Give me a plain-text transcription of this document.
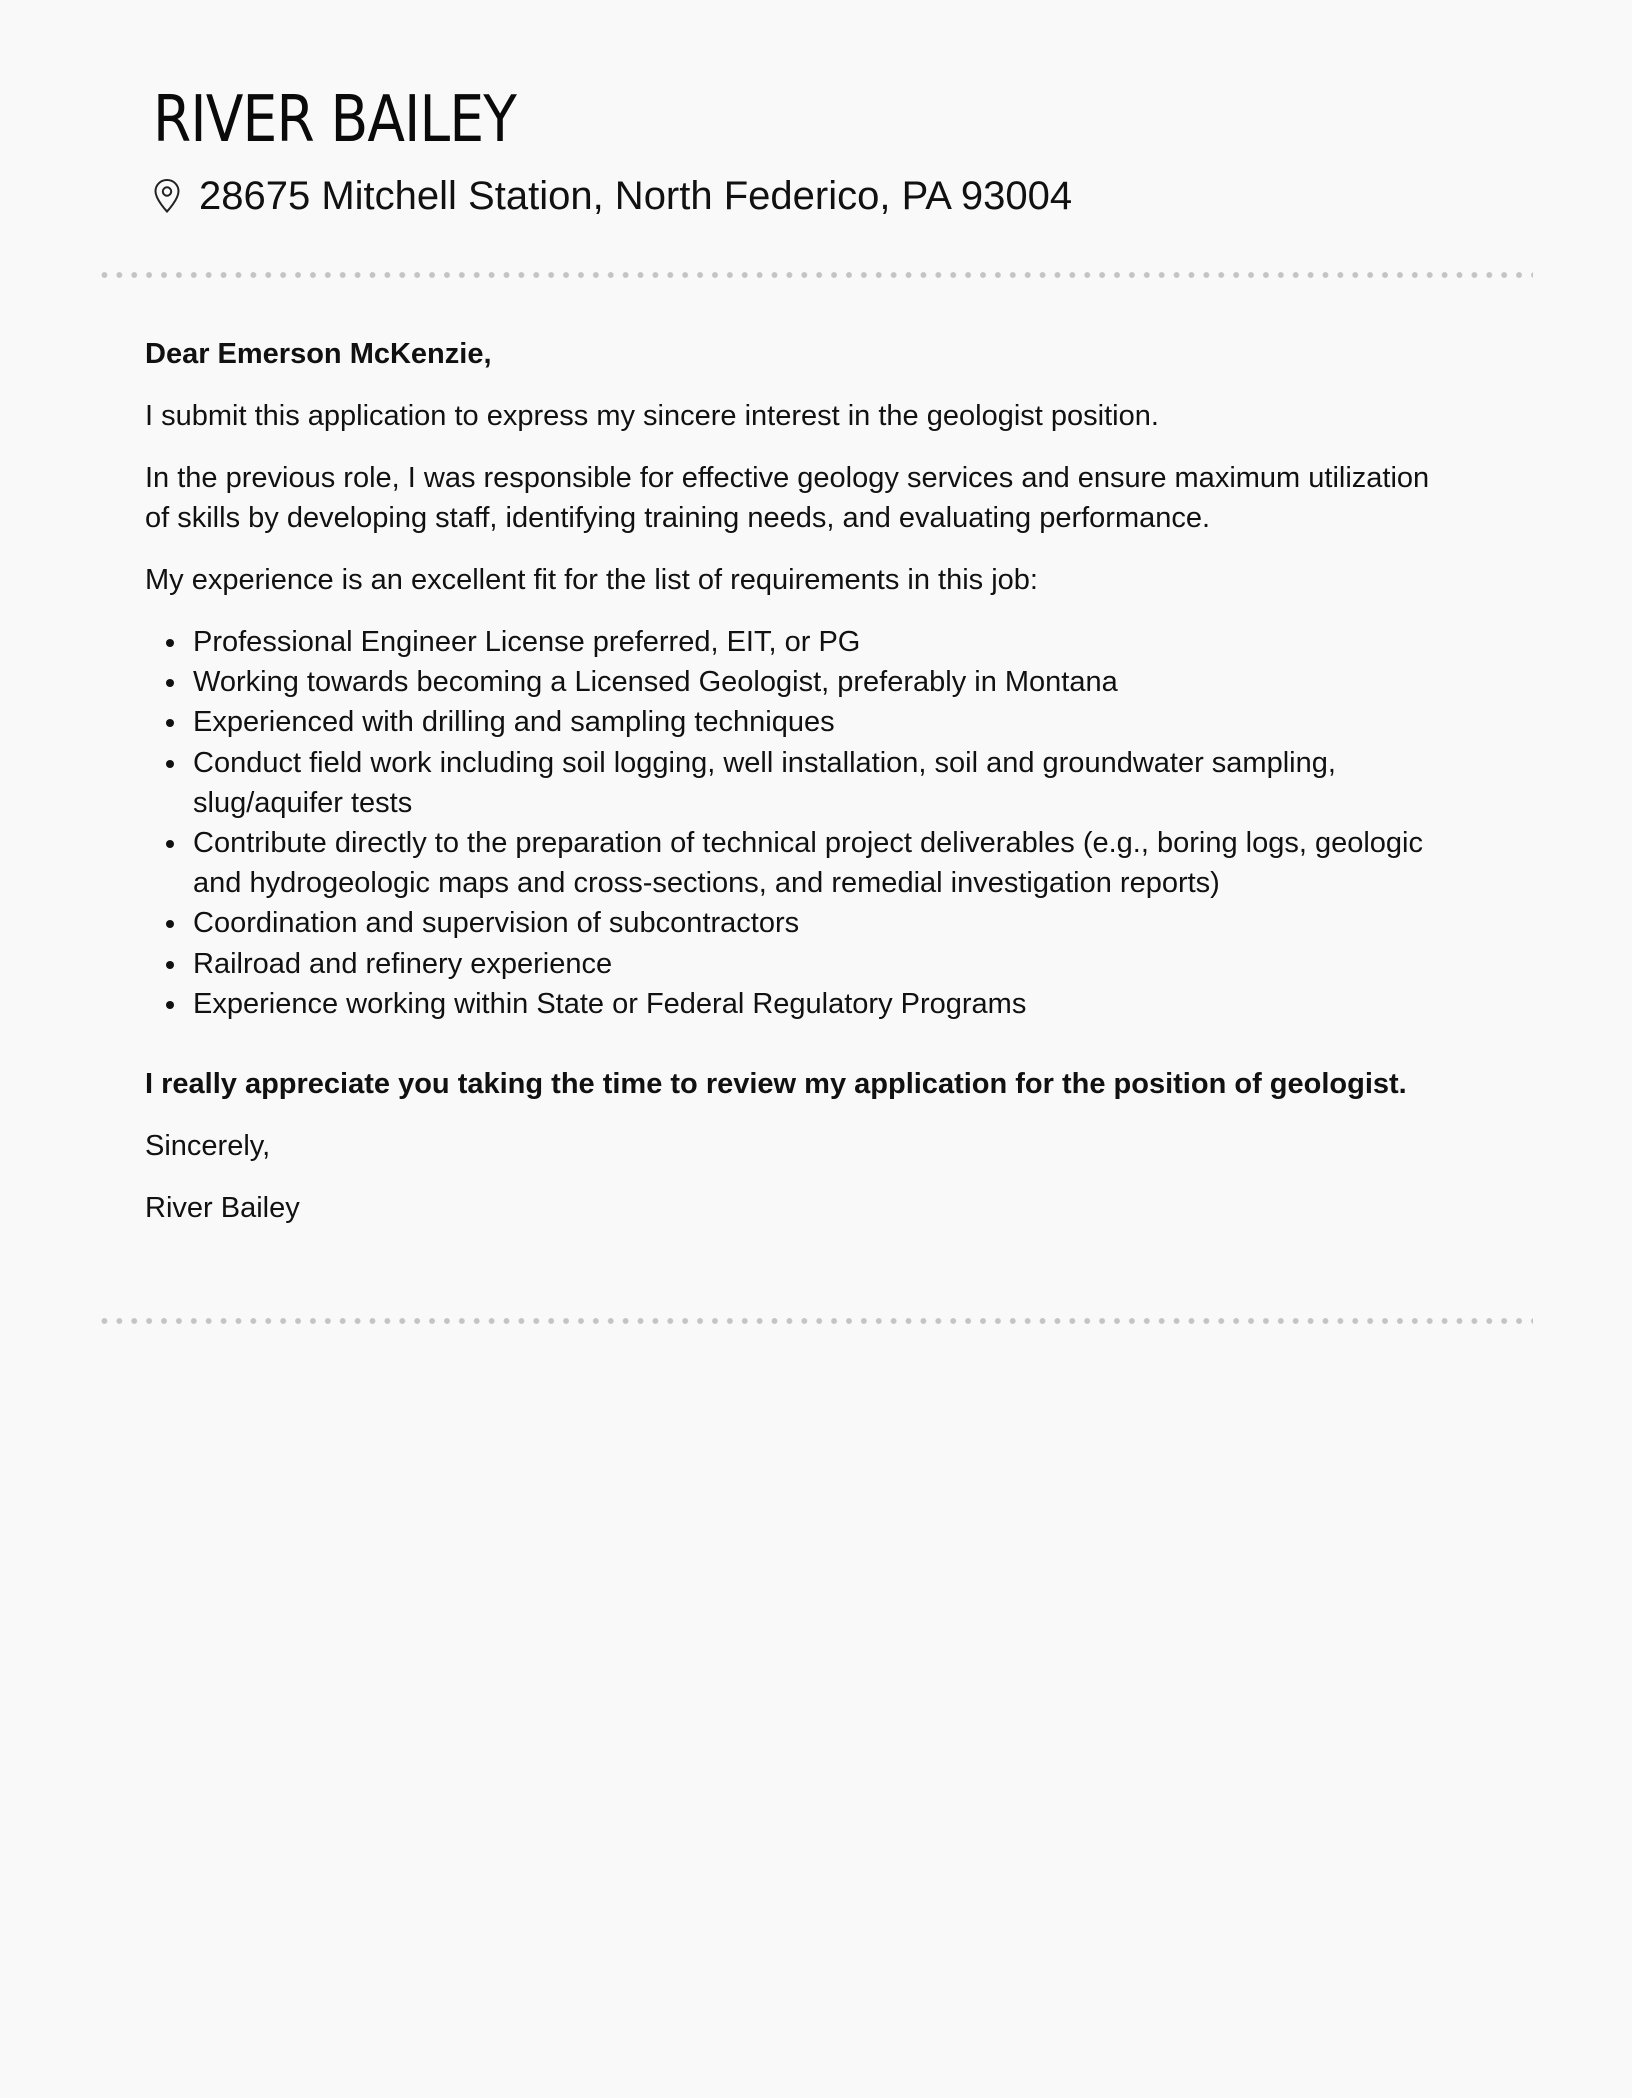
RIVER BAILEY
28675 Mitchell Station, North Federico, PA 93004

Dear Emerson McKenzie,

I submit this application to express my sincere interest in the geologist position.

In the previous role, I was responsible for effective geology services and ensure maximum utilization of skills by developing staff, identifying training needs, and evaluating performance.

My experience is an excellent fit for the list of requirements in this job:

Professional Engineer License preferred, EIT, or PG
Working towards becoming a Licensed Geologist, preferably in Montana
Experienced with drilling and sampling techniques
Conduct field work including soil logging, well installation, soil and groundwater sampling, slug/aquifer tests
Contribute directly to the preparation of technical project deliverables (e.g., boring logs, geologic and hydrogeologic maps and cross-sections, and remedial investigation reports)
Coordination and supervision of subcontractors
Railroad and refinery experience
Experience working within State or Federal Regulatory Programs

I really appreciate you taking the time to review my application for the position of geologist.

Sincerely,

River Bailey
